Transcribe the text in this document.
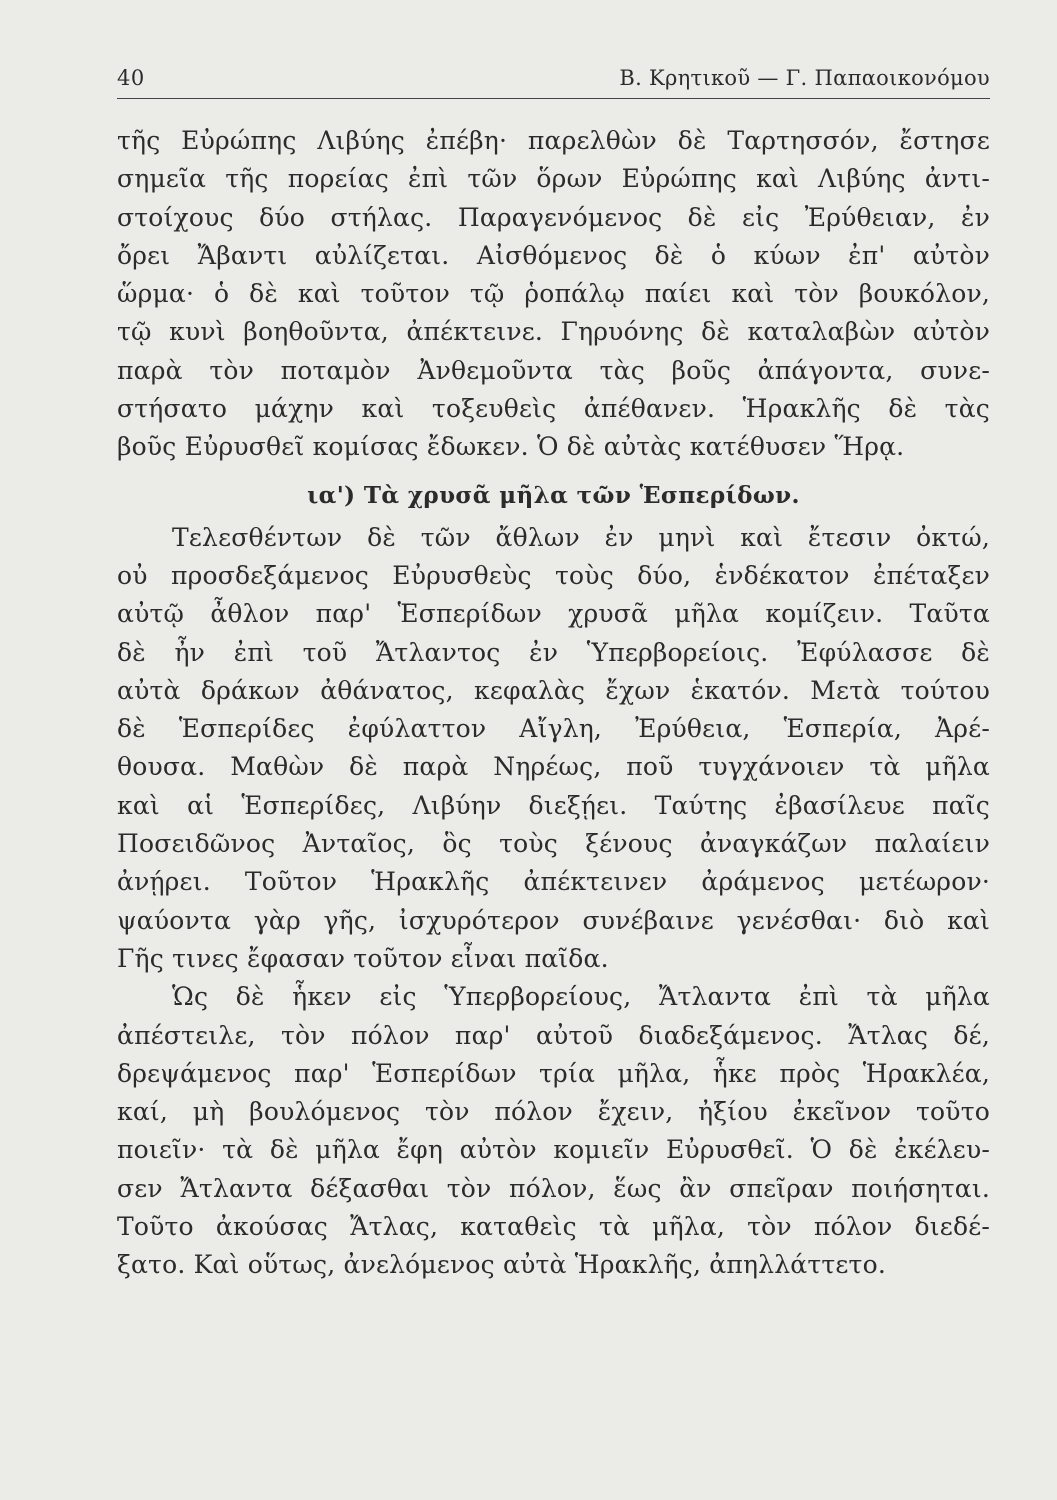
40	Β. Κρητικοῦ — Γ. Παπαοικονόμου
τῆς Εὐρώπης Λιβύης ἐπέβη· παρελθὼν δὲ Ταρτησσόν, ἔστησε
σημεῖα τῆς πορείας ἐπὶ τῶν ὅρων Εὐρώπης καὶ Λιβύης ἀντι-
στοίχους δύο στήλας. Παραγενόμενος δὲ εἰς Ἐρύθειαν, ἐν
ὄρει Ἄβαντι αὐλίζεται. Αἰσθόμενος δὲ ὁ κύων ἐπ' αὐτὸν
ὥρμα· ὁ δὲ καὶ τοῦτον τῷ ῥοπάλῳ παίει καὶ τὸν βουκόλον,
τῷ κυνὶ βοηθοῦντα, ἀπέκτεινε. Γηρυόνης δὲ καταλαβὼν αὐτὸν
παρὰ τὸν ποταμὸν Ἀνθεμοῦντα τὰς βοῦς ἀπάγοντα, συνε-
στήσατο μάχην καὶ τοξευθεὶς ἀπέθανεν. Ἡρακλῆς δὲ τὰς
βοῦς Εὐρυσθεῖ κομίσας ἔδωκεν. Ὁ δὲ αὐτὰς κατέθυσεν Ἥρᾳ.
ια') Τὰ χρυσᾶ μῆλα τῶν Ἑσπερίδων.
Τελεσθέντων δὲ τῶν ἄθλων ἐν μηνὶ καὶ ἔτεσιν ὀκτώ,
οὐ προσδεξάμενος Εὐρυσθεὺς τοὺς δύο, ἑνδέκατον ἐπέταξεν
αὐτῷ ἆθλον παρ' Ἑσπερίδων χρυσᾶ μῆλα κομίζειν. Ταῦτα
δὲ ἦν ἐπὶ τοῦ Ἄτλαντος ἐν Ὑπερβορείοις. Ἐφύλασσε δὲ
αὐτὰ δράκων ἀθάνατος, κεφαλὰς ἔχων ἑκατόν. Μετὰ τούτου
δὲ Ἑσπερίδες ἐφύλαττον Αἴγλη, Ἐρύθεια, Ἑσπερία, Ἀρέ-
θουσα. Μαθὼν δὲ παρὰ Νηρέως, ποῦ τυγχάνοιεν τὰ μῆλα
καὶ αἱ Ἑσπερίδες, Λιβύην διεξῄει. Ταύτης ἐβασίλευε παῖς
Ποσειδῶνος Ἀνταῖος, ὃς τοὺς ξένους ἀναγκάζων παλαίειν
ἀνῄρει. Τοῦτον Ἡρακλῆς ἀπέκτεινεν ἀράμενος μετέωρον·
ψαύοντα γὰρ γῆς, ἰσχυρότερον συνέβαινε γενέσθαι· διὸ καὶ
Γῆς τινες ἔφασαν τοῦτον εἶναι παῖδα.
Ὡς δὲ ἧκεν εἰς Ὑπερβορείους, Ἄτλαντα ἐπὶ τὰ μῆλα
ἀπέστειλε, τὸν πόλον παρ' αὐτοῦ διαδεξάμενος. Ἄτλας δέ,
δρεψάμενος παρ' Ἑσπερίδων τρία μῆλα, ἧκε πρὸς Ἡρακλέα,
καί, μὴ βουλόμενος τὸν πόλον ἔχειν, ἠξίου ἐκεῖνον τοῦτο
ποιεῖν· τὰ δὲ μῆλα ἔφη αὐτὸν κομιεῖν Εὐρυσθεῖ. Ὁ δὲ ἐκέλευ-
σεν Ἄτλαντα δέξασθαι τὸν πόλον, ἕως ἂν σπεῖραν ποιήσηται.
Τοῦτο ἀκούσας Ἄτλας, καταθεὶς τὰ μῆλα, τὸν πόλον διεδέ-
ξατο. Καὶ οὕτως, ἀνελόμενος αὐτὰ Ἡρακλῆς, ἀπηλλάττετο.
